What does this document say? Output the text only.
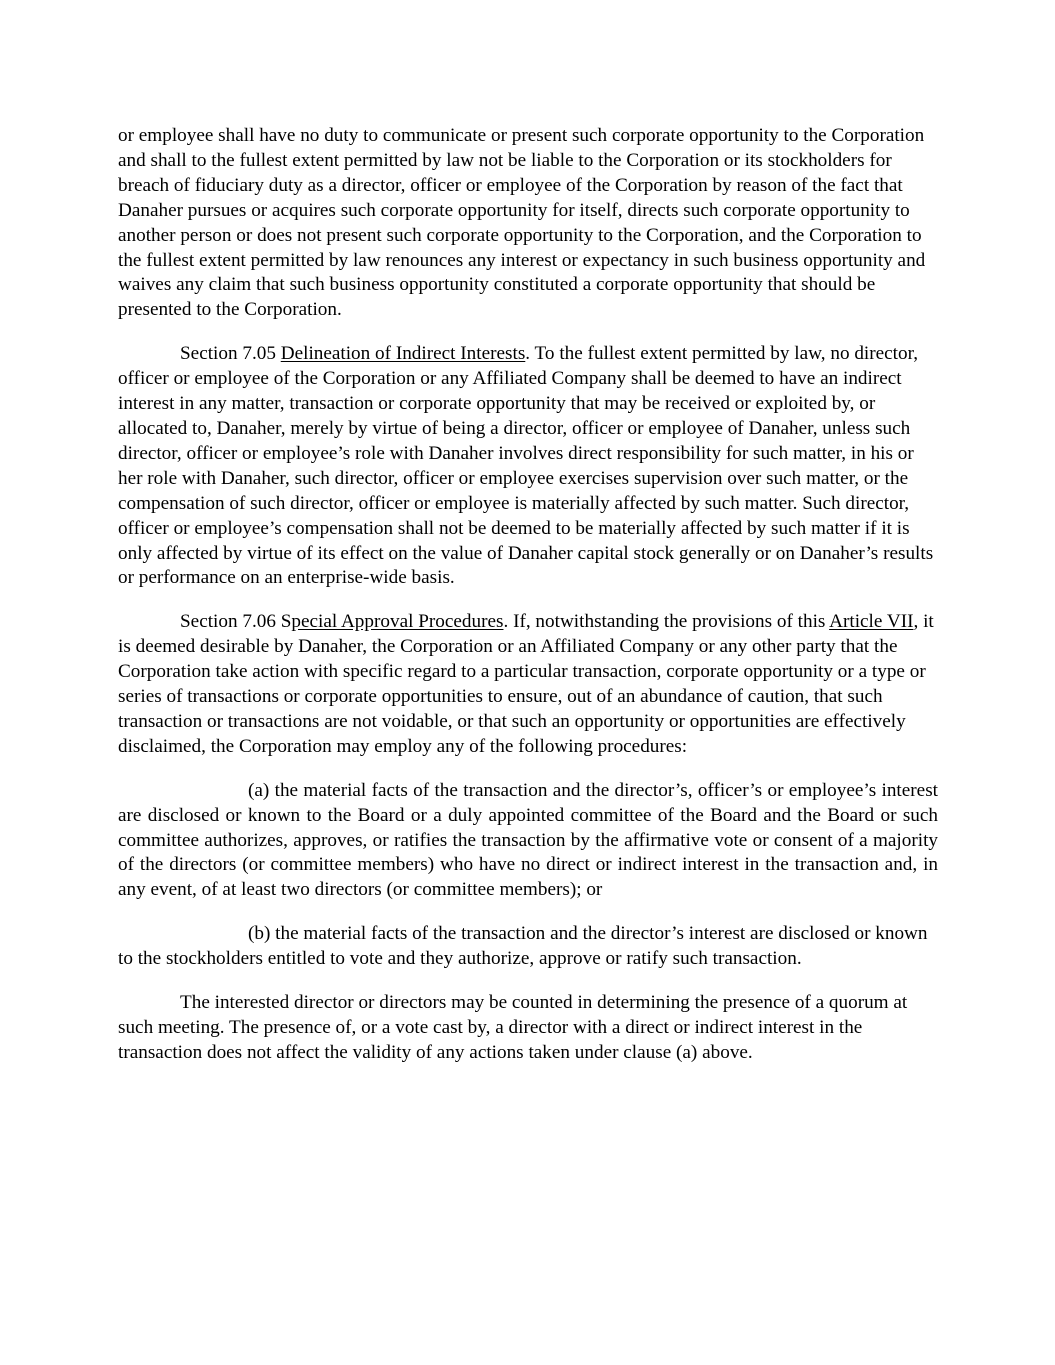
or employee shall have no duty to communicate or present such corporate opportunity to the Corporation and shall to the fullest extent permitted by law not be liable to the Corporation or its stockholders for breach of fiduciary duty as a director, officer or employee of the Corporation by reason of the fact that Danaher pursues or acquires such corporate opportunity for itself, directs such corporate opportunity to another person or does not present such corporate opportunity to the Corporation, and the Corporation to the fullest extent permitted by law renounces any interest or expectancy in such business opportunity and waives any claim that such business opportunity constituted a corporate opportunity that should be presented to the Corporation.

Section 7.05 Delineation of Indirect Interests. To the fullest extent permitted by law, no director, officer or employee of the Corporation or any Affiliated Company shall be deemed to have an indirect interest in any matter, transaction or corporate opportunity that may be received or exploited by, or allocated to, Danaher, merely by virtue of being a director, officer or employee of Danaher, unless such director, officer or employee’s role with Danaher involves direct responsibility for such matter, in his or her role with Danaher, such director, officer or employee exercises supervision over such matter, or the compensation of such director, officer or employee is materially affected by such matter. Such director, officer or employee’s compensation shall not be deemed to be materially affected by such matter if it is only affected by virtue of its effect on the value of Danaher capital stock generally or on Danaher’s results or performance on an enterprise-wide basis.

Section 7.06 Special Approval Procedures. If, notwithstanding the provisions of this Article VII, it is deemed desirable by Danaher, the Corporation or an Affiliated Company or any other party that the Corporation take action with specific regard to a particular transaction, corporate opportunity or a type or series of transactions or corporate opportunities to ensure, out of an abundance of caution, that such transaction or transactions are not voidable, or that such an opportunity or opportunities are effectively disclaimed, the Corporation may employ any of the following procedures:

(a) the material facts of the transaction and the director’s, officer’s or employee’s interest are disclosed or known to the Board or a duly appointed committee of the Board and the Board or such committee authorizes, approves, or ratifies the transaction by the affirmative vote or consent of a majority of the directors (or committee members) who have no direct or indirect interest in the transaction and, in any event, of at least two directors (or committee members); or

(b) the material facts of the transaction and the director’s interest are disclosed or known to the stockholders entitled to vote and they authorize, approve or ratify such transaction.

The interested director or directors may be counted in determining the presence of a quorum at such meeting. The presence of, or a vote cast by, a director with a direct or indirect interest in the transaction does not affect the validity of any actions taken under clause (a) above.
